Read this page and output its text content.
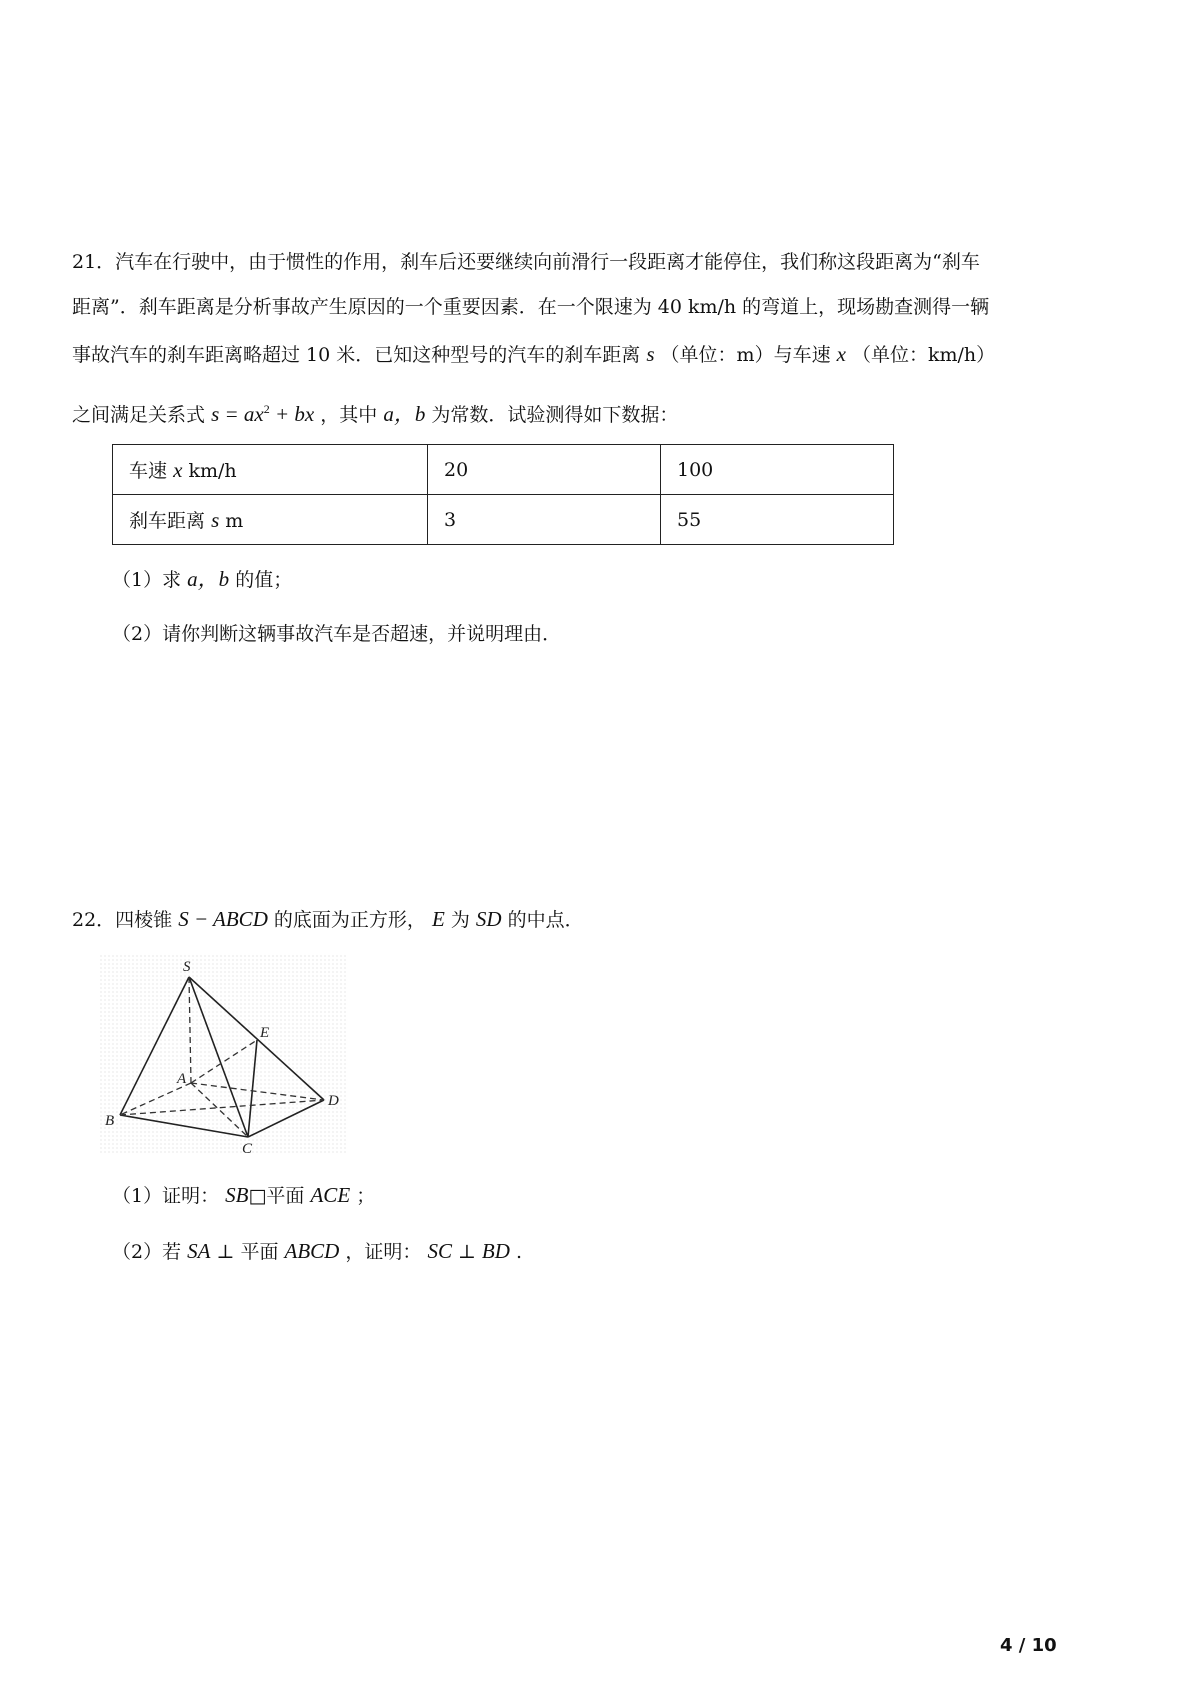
21．汽车在行驶中，由于惯性的作用，刹车后还要继续向前滑行一段距离才能停住，我们称这段距离为“刹车
距离”．刹车距离是分析事故产生原因的一个重要因素．在一个限速为 40 km/h 的弯道上，现场勘查测得一辆
事故汽车的刹车距离略超过 10 米．已知这种型号的汽车的刹车距离 s （单位：m）与车速 x （单位：km/h）
之间满足关系式 $s = ax^2$ + bx ，其中 a，b 为常数．试验测得如下数据：
车速 x km/h	20	100
刹车距离 s m	3	55
（1）求 a，b 的值；
（2）请你判断这辆事故汽车是否超速，并说明理由．
22．四棱锥 S − ABCD 的底面为正方形， E 为 SD 的中点．
S
E
A
B
C
D
（1）证明： SB□平面 ACE ；
（2）若 SA ⊥ 平面 ABCD ，证明： SC ⊥ BD .
4 / 10
